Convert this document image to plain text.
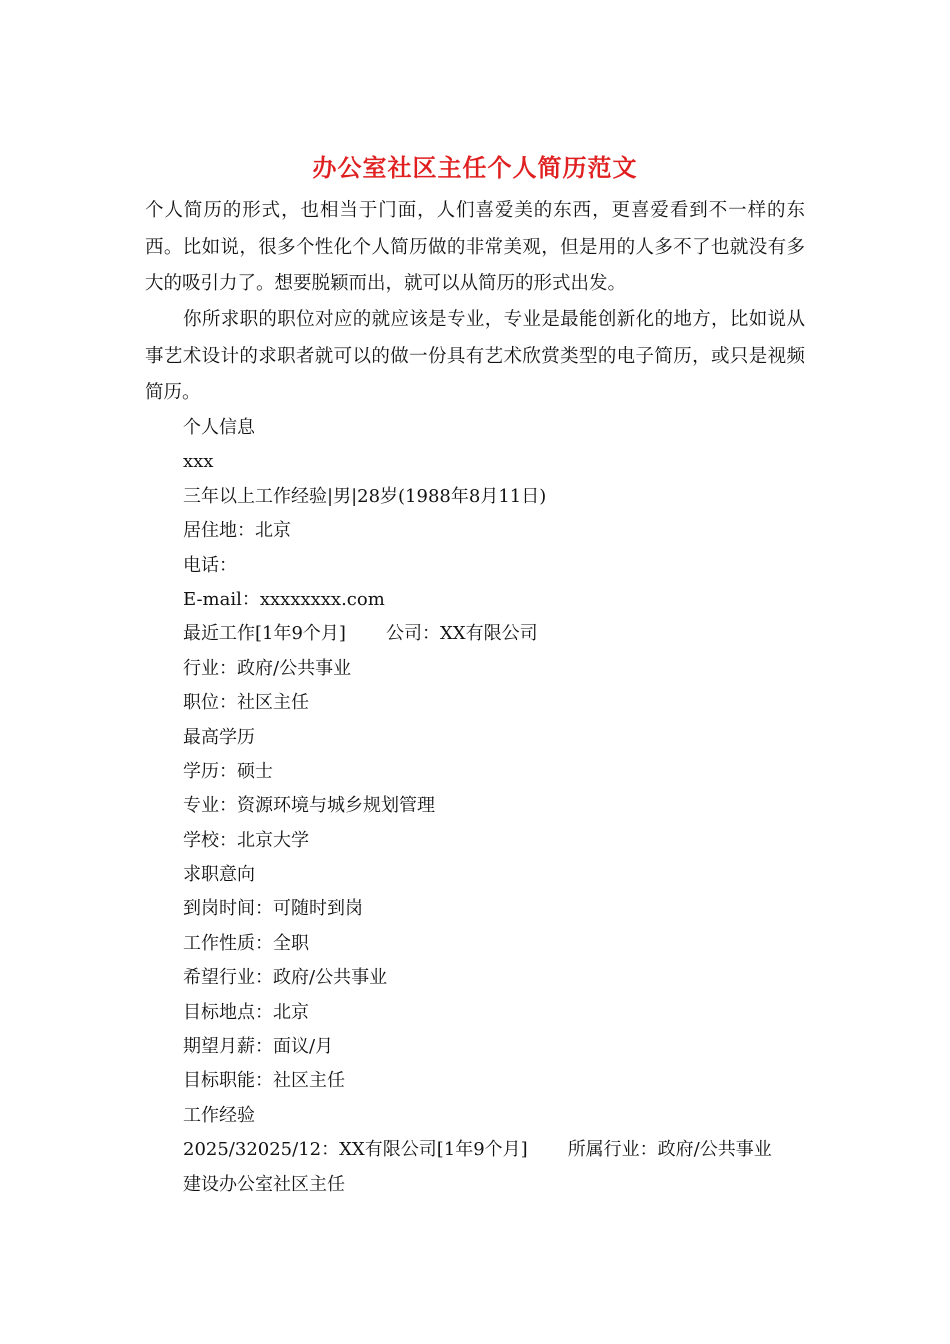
办公室社区主任个人简历范文

个人简历的形式，也相当于门面，人们喜爱美的东西，更喜爱看到不一样的东西。比如说，很多个性化个人简历做的非常美观，但是用的人多不了也就没有多大的吸引力了。想要脱颖而出，就可以从简历的形式出发。

你所求职的职位对应的就应该是专业，专业是最能创新化的地方，比如说从事艺术设计的求职者就可以的做一份具有艺术欣赏类型的电子简历，或只是视频简历。

个人信息
xxx
三年以上工作经验|男|28岁(1988年8月11日)
居住地：北京
电话：
E-mail：xxxxxxxx.com
最近工作[1年9个月] 公司：XX有限公司
行业：政府/公共事业
职位：社区主任
最高学历
学历：硕士
专业：资源环境与城乡规划管理
学校：北京大学
求职意向
到岗时间：可随时到岗
工作性质：全职
希望行业：政府/公共事业
目标地点：北京
期望月薪：面议/月
目标职能：社区主任
工作经验
2025/32025/12：XX有限公司[1年9个月] 所属行业：政府/公共事业
建设办公室社区主任
